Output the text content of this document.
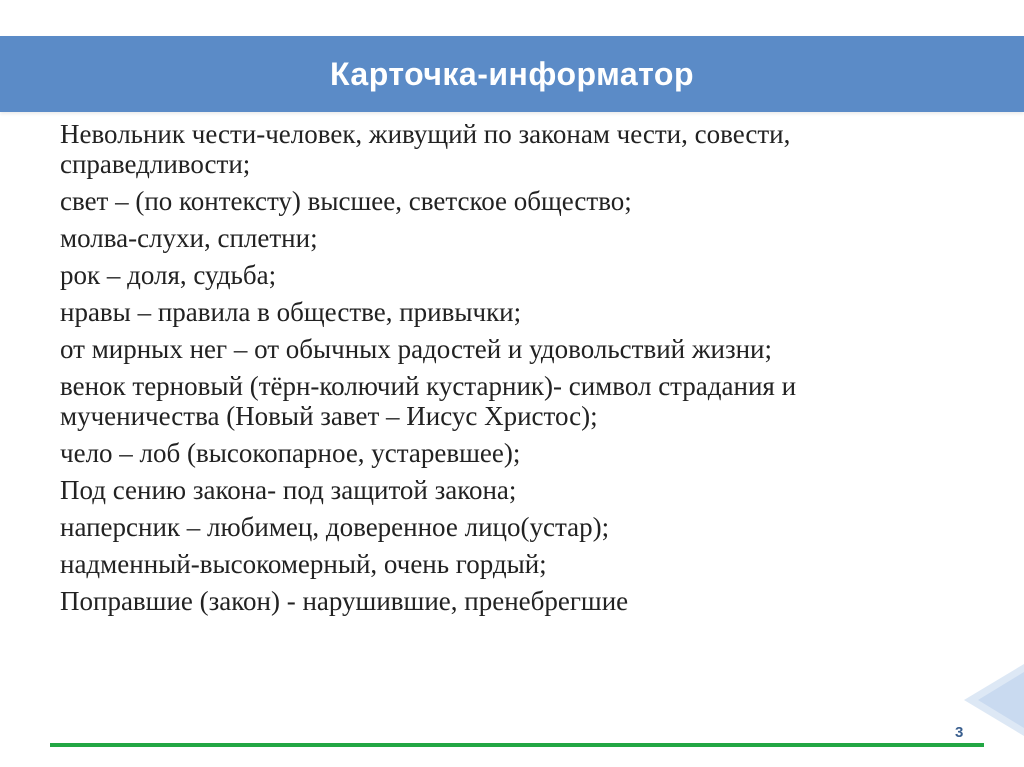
Карточка-информатор
Невольник чести-человек, живущий по законам чести, совести, справедливости;
свет – (по контексту) высшее, светское общество;
молва-слухи, сплетни;
рок – доля, судьба;
нравы – правила в обществе, привычки;
от мирных нег – от обычных радостей и удовольствий жизни;
венок терновый (тёрн-колючий кустарник)- символ страдания и мученичества (Новый завет – Иисус Христос);
чело – лоб (высокопарное, устаревшее);
Под сению закона- под защитой закона;
наперсник – любимец, доверенное лицо(устар);
надменный-высокомерный, очень гордый;
Поправшие (закон) - нарушившие, пренебрегшие
3
